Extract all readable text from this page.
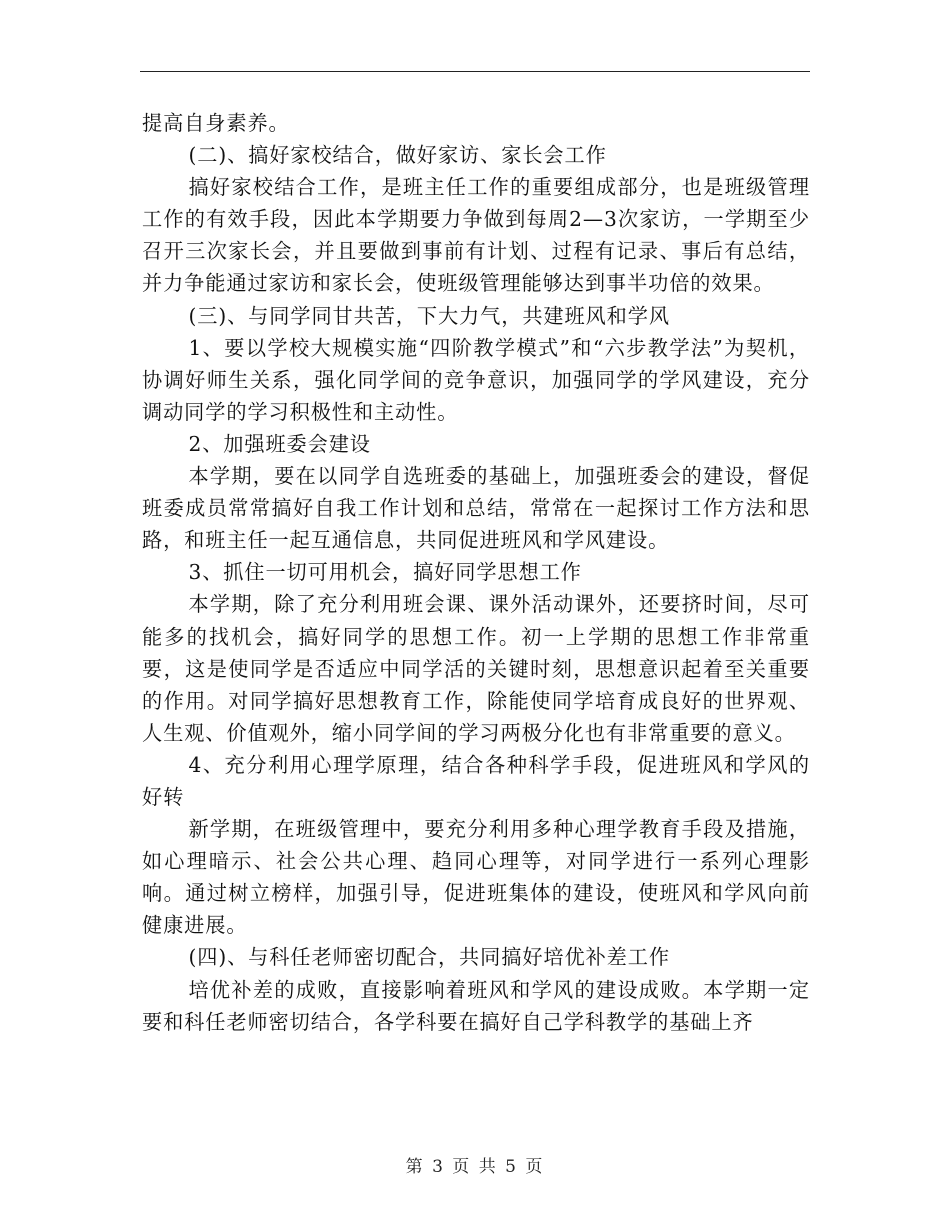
提高自身素养。

(二)、搞好家校结合，做好家访、家长会工作

搞好家校结合工作，是班主任工作的重要组成部分，也是班级管理工作的有效手段，因此本学期要力争做到每周2—3次家访，一学期至少召开三次家长会，并且要做到事前有计划、过程有记录、事后有总结，并力争能通过家访和家长会，使班级管理能够达到事半功倍的效果。

(三)、与同学同甘共苦，下大力气，共建班风和学风

1、要以学校大规模实施“四阶教学模式”和“六步教学法”为契机，协调好师生关系，强化同学间的竞争意识，加强同学的学风建设，充分调动同学的学习积极性和主动性。

2、加强班委会建设

本学期，要在以同学自选班委的基础上，加强班委会的建设，督促班委成员常常搞好自我工作计划和总结，常常在一起探讨工作方法和思路，和班主任一起互通信息，共同促进班风和学风建设。

3、抓住一切可用机会，搞好同学思想工作

本学期，除了充分利用班会课、课外活动课外，还要挤时间，尽可能多的找机会，搞好同学的思想工作。初一上学期的思想工作非常重要，这是使同学是否适应中同学活的关键时刻，思想意识起着至关重要的作用。对同学搞好思想教育工作，除能使同学培育成良好的世界观、人生观、价值观外，缩小同学间的学习两极分化也有非常重要的意义。

4、充分利用心理学原理，结合各种科学手段，促进班风和学风的好转

新学期，在班级管理中，要充分利用多种心理学教育手段及措施，如心理暗示、社会公共心理、趋同心理等，对同学进行一系列心理影响。通过树立榜样，加强引导，促进班集体的建设，使班风和学风向前健康进展。

(四)、与科任老师密切配合，共同搞好培优补差工作

培优补差的成败，直接影响着班风和学风的建设成败。本学期一定要和科任老师密切结合，各学科要在搞好自己学科教学的基础上齐

第 3 页 共 5 页
